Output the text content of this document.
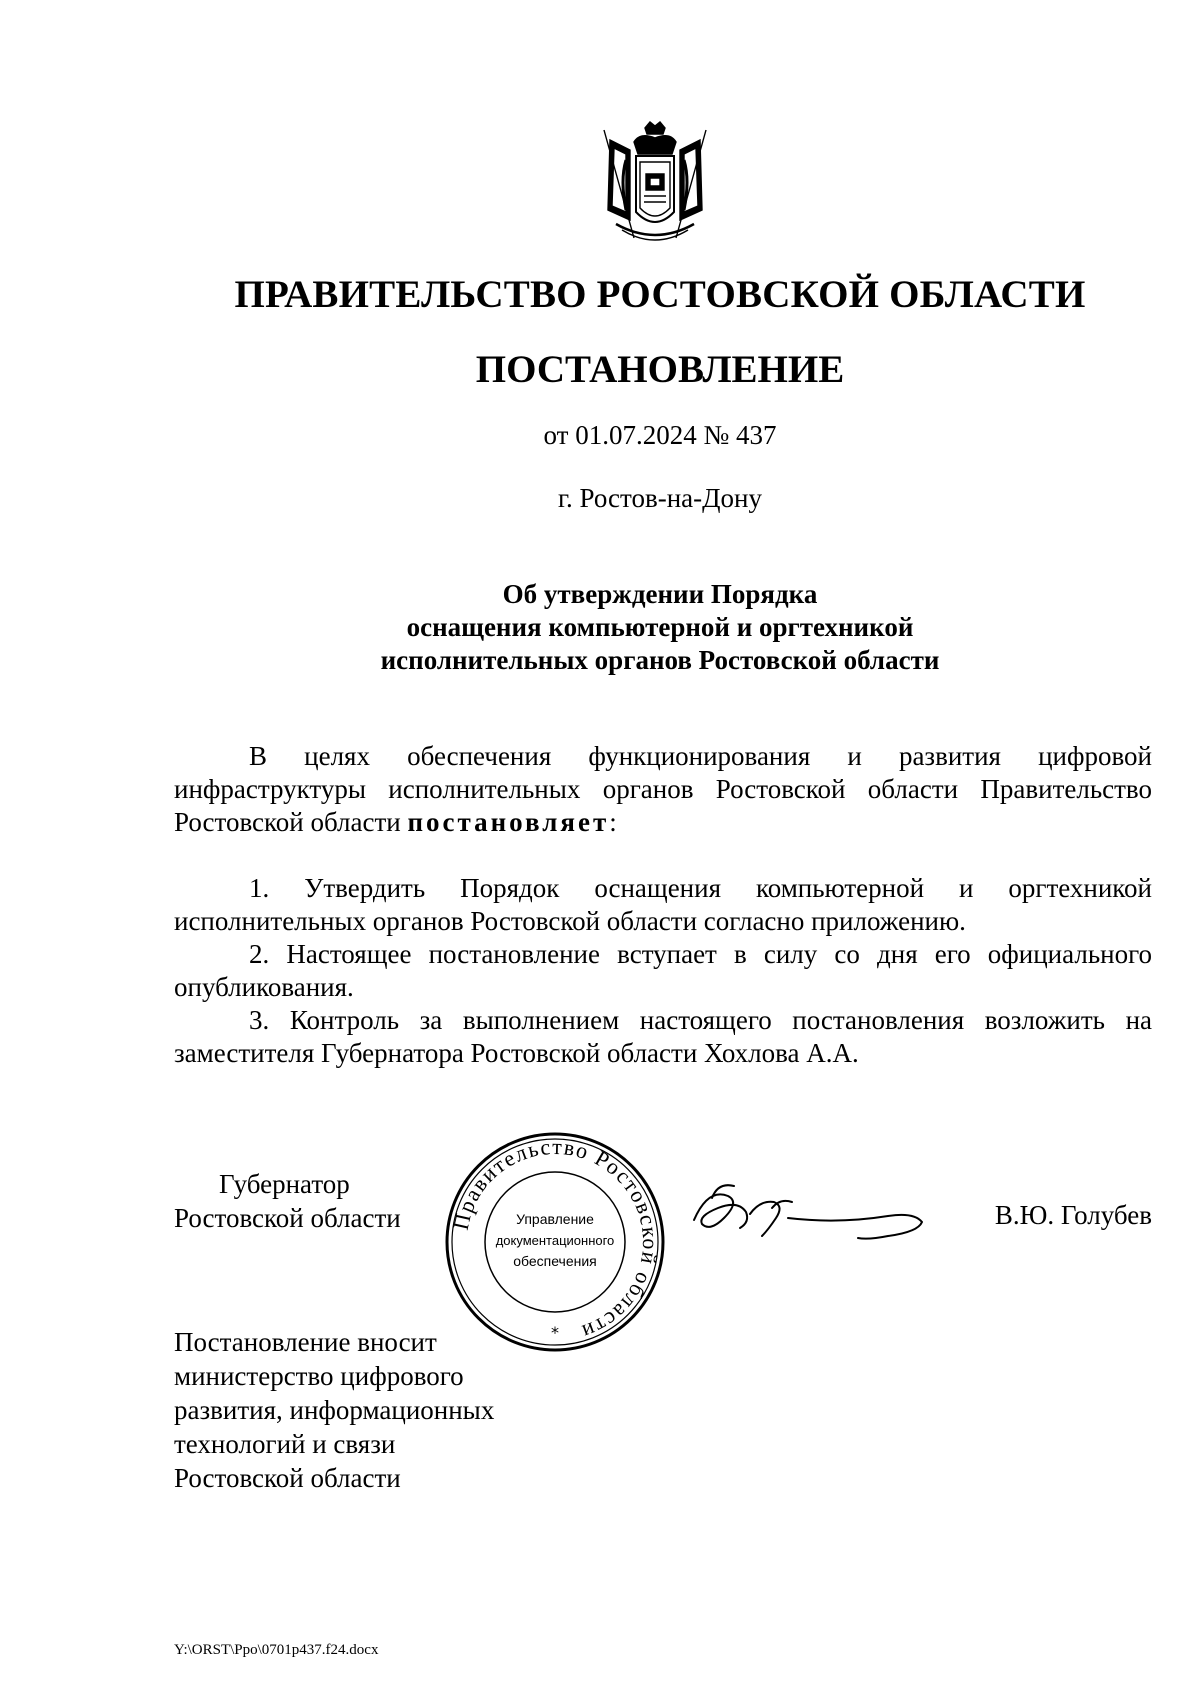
ПРАВИТЕЛЬСТВО РОСТОВСКОЙ ОБЛАСТИ
ПОСТАНОВЛЕНИЕ
от 01.07.2024 № 437
г. Ростов-на-Дону
Об утверждении Порядка
оснащения компьютерной и оргтехникой
исполнительных органов Ростовской области

В целях обеспечения функционирования и развития цифровой инфраструктуры исполнительных органов Ростовской области Правительство Ростовской области постановляет:

1. Утвердить Порядок оснащения компьютерной и оргтехникой исполнительных органов Ростовской области согласно приложению.

2. Настоящее постановление вступает в силу со дня его официального опубликования.

3. Контроль за выполнением настоящего постановления возложить на заместителя Губернатора Ростовской области Хохлова А.А.

Губернатор
Ростовской области Правительство Ростовской области
Управление
документационного
обеспечения
*
В.Ю. Голубев
Постановление вносит
министерство цифрового
развития, информационных
технологий и связи
Ростовской области
Y:\ORST\Ppo\0701p437.f24.docx
